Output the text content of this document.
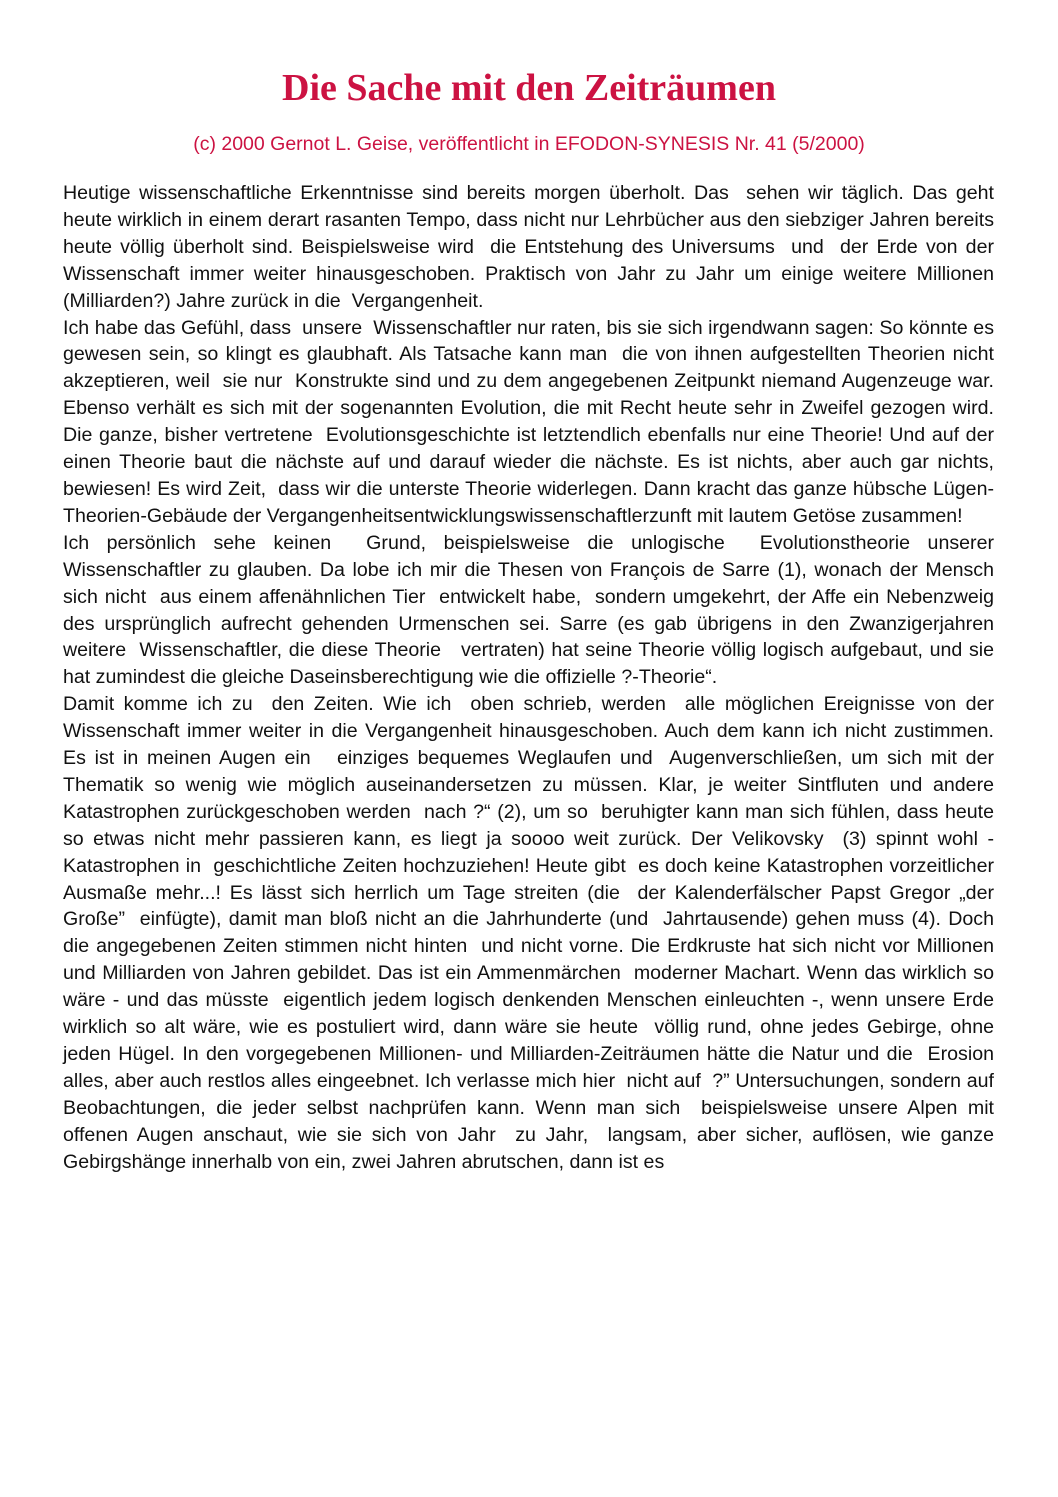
Die Sache mit den Zeiträumen

(c) 2000 Gernot L. Geise, veröffentlicht in EFODON-SYNESIS Nr. 41 (5/2000)

Heutige wissenschaftliche Erkenntnisse sind bereits morgen überholt. Das  sehen wir täglich. Das geht heute wirklich in einem derart rasanten Tempo, dass nicht nur Lehrbücher aus den siebziger Jahren bereits heute völlig überholt sind. Beispielsweise wird  die Entstehung des Universums  und  der Erde von der Wissenschaft immer weiter hinausgeschoben. Praktisch von Jahr zu Jahr um einige weitere Millionen (Milliarden?) Jahre zurück in die  Vergangenheit.

Ich habe das Gefühl, dass  unsere  Wissenschaftler nur raten, bis sie sich irgendwann sagen: So könnte es gewesen sein, so klingt es glaubhaft. Als Tatsache kann man  die von ihnen aufgestellten Theorien nicht akzeptieren, weil  sie nur  Konstrukte sind und zu dem angegebenen Zeitpunkt niemand Augenzeuge war. Ebenso verhält es sich mit der sogenannten Evolution, die mit Recht heute sehr in Zweifel gezogen wird. Die ganze, bisher vertretene  Evolutionsgeschichte ist letztendlich ebenfalls nur eine Theorie! Und auf der  einen Theorie baut die nächste auf und darauf wieder die nächste. Es ist nichts, aber auch gar nichts,  bewiesen! Es wird Zeit,  dass wir die unterste Theorie widerlegen. Dann kracht das ganze hübsche Lügen-Theorien-Gebäude der Vergangenheitsentwicklungswissenschaftlerzunft mit lautem Getöse zusammen!

Ich persönlich sehe keinen  Grund, beispielsweise die unlogische  Evolutionstheorie unserer Wissenschaftler zu glauben. Da lobe ich mir die Thesen von François de Sarre (1), wonach der Mensch sich nicht  aus einem affenähnlichen Tier  entwickelt habe,  sondern umgekehrt, der Affe ein Nebenzweig des ursprünglich aufrecht gehenden Urmenschen sei. Sarre (es gab übrigens in den Zwanzigerjahren weitere  Wissenschaftler, die diese Theorie   vertraten) hat seine Theorie völlig logisch aufgebaut, und sie hat zumindest die gleiche Daseinsberechtigung wie die offizielle ?-Theorie“.

Damit komme ich zu  den Zeiten. Wie ich  oben schrieb, werden  alle möglichen Ereignisse von der Wissenschaft immer weiter in die Vergangenheit hinausgeschoben. Auch dem kann ich nicht zustimmen. Es ist in meinen Augen ein   einziges bequemes Weglaufen und  Augenverschließen, um sich mit der Thematik so wenig wie möglich auseinandersetzen zu müssen. Klar, je weiter Sintfluten und andere Katastrophen zurückgeschoben werden  nach ?“ (2), um so  beruhigter kann man sich fühlen, dass heute so etwas nicht mehr passieren kann, es liegt ja soooo weit zurück. Der Velikovsky  (3) spinnt wohl - Katastrophen in  geschichtliche Zeiten hochzuziehen! Heute gibt  es doch keine Katastrophen vorzeitlicher Ausmaße mehr...! Es lässt sich herrlich um Tage streiten (die  der Kalenderfälscher Papst Gregor „der Große”  einfügte), damit man bloß nicht an die Jahrhunderte (und  Jahrtausende) gehen muss (4). Doch die angegebenen Zeiten stimmen nicht hinten  und nicht vorne. Die Erdkruste hat sich nicht vor Millionen und Milliarden von Jahren gebildet. Das ist ein Ammenmärchen  moderner Machart. Wenn das wirklich so wäre - und das müsste  eigentlich jedem logisch denkenden Menschen einleuchten -, wenn unsere Erde  wirklich so alt wäre, wie es postuliert wird, dann wäre sie heute  völlig rund, ohne jedes Gebirge, ohne  jeden Hügel. In den vorgegebenen Millionen- und Milliarden-Zeiträumen hätte die Natur und die  Erosion alles, aber auch restlos alles eingeebnet. Ich verlasse mich hier  nicht auf  ?” Untersuchungen, sondern auf Beobachtungen, die jeder selbst nachprüfen kann. Wenn man sich  beispielsweise unsere Alpen mit offenen Augen anschaut, wie sie sich von Jahr  zu Jahr,  langsam, aber sicher, auflösen, wie ganze Gebirgshänge innerhalb von ein, zwei Jahren abrutschen, dann ist es
